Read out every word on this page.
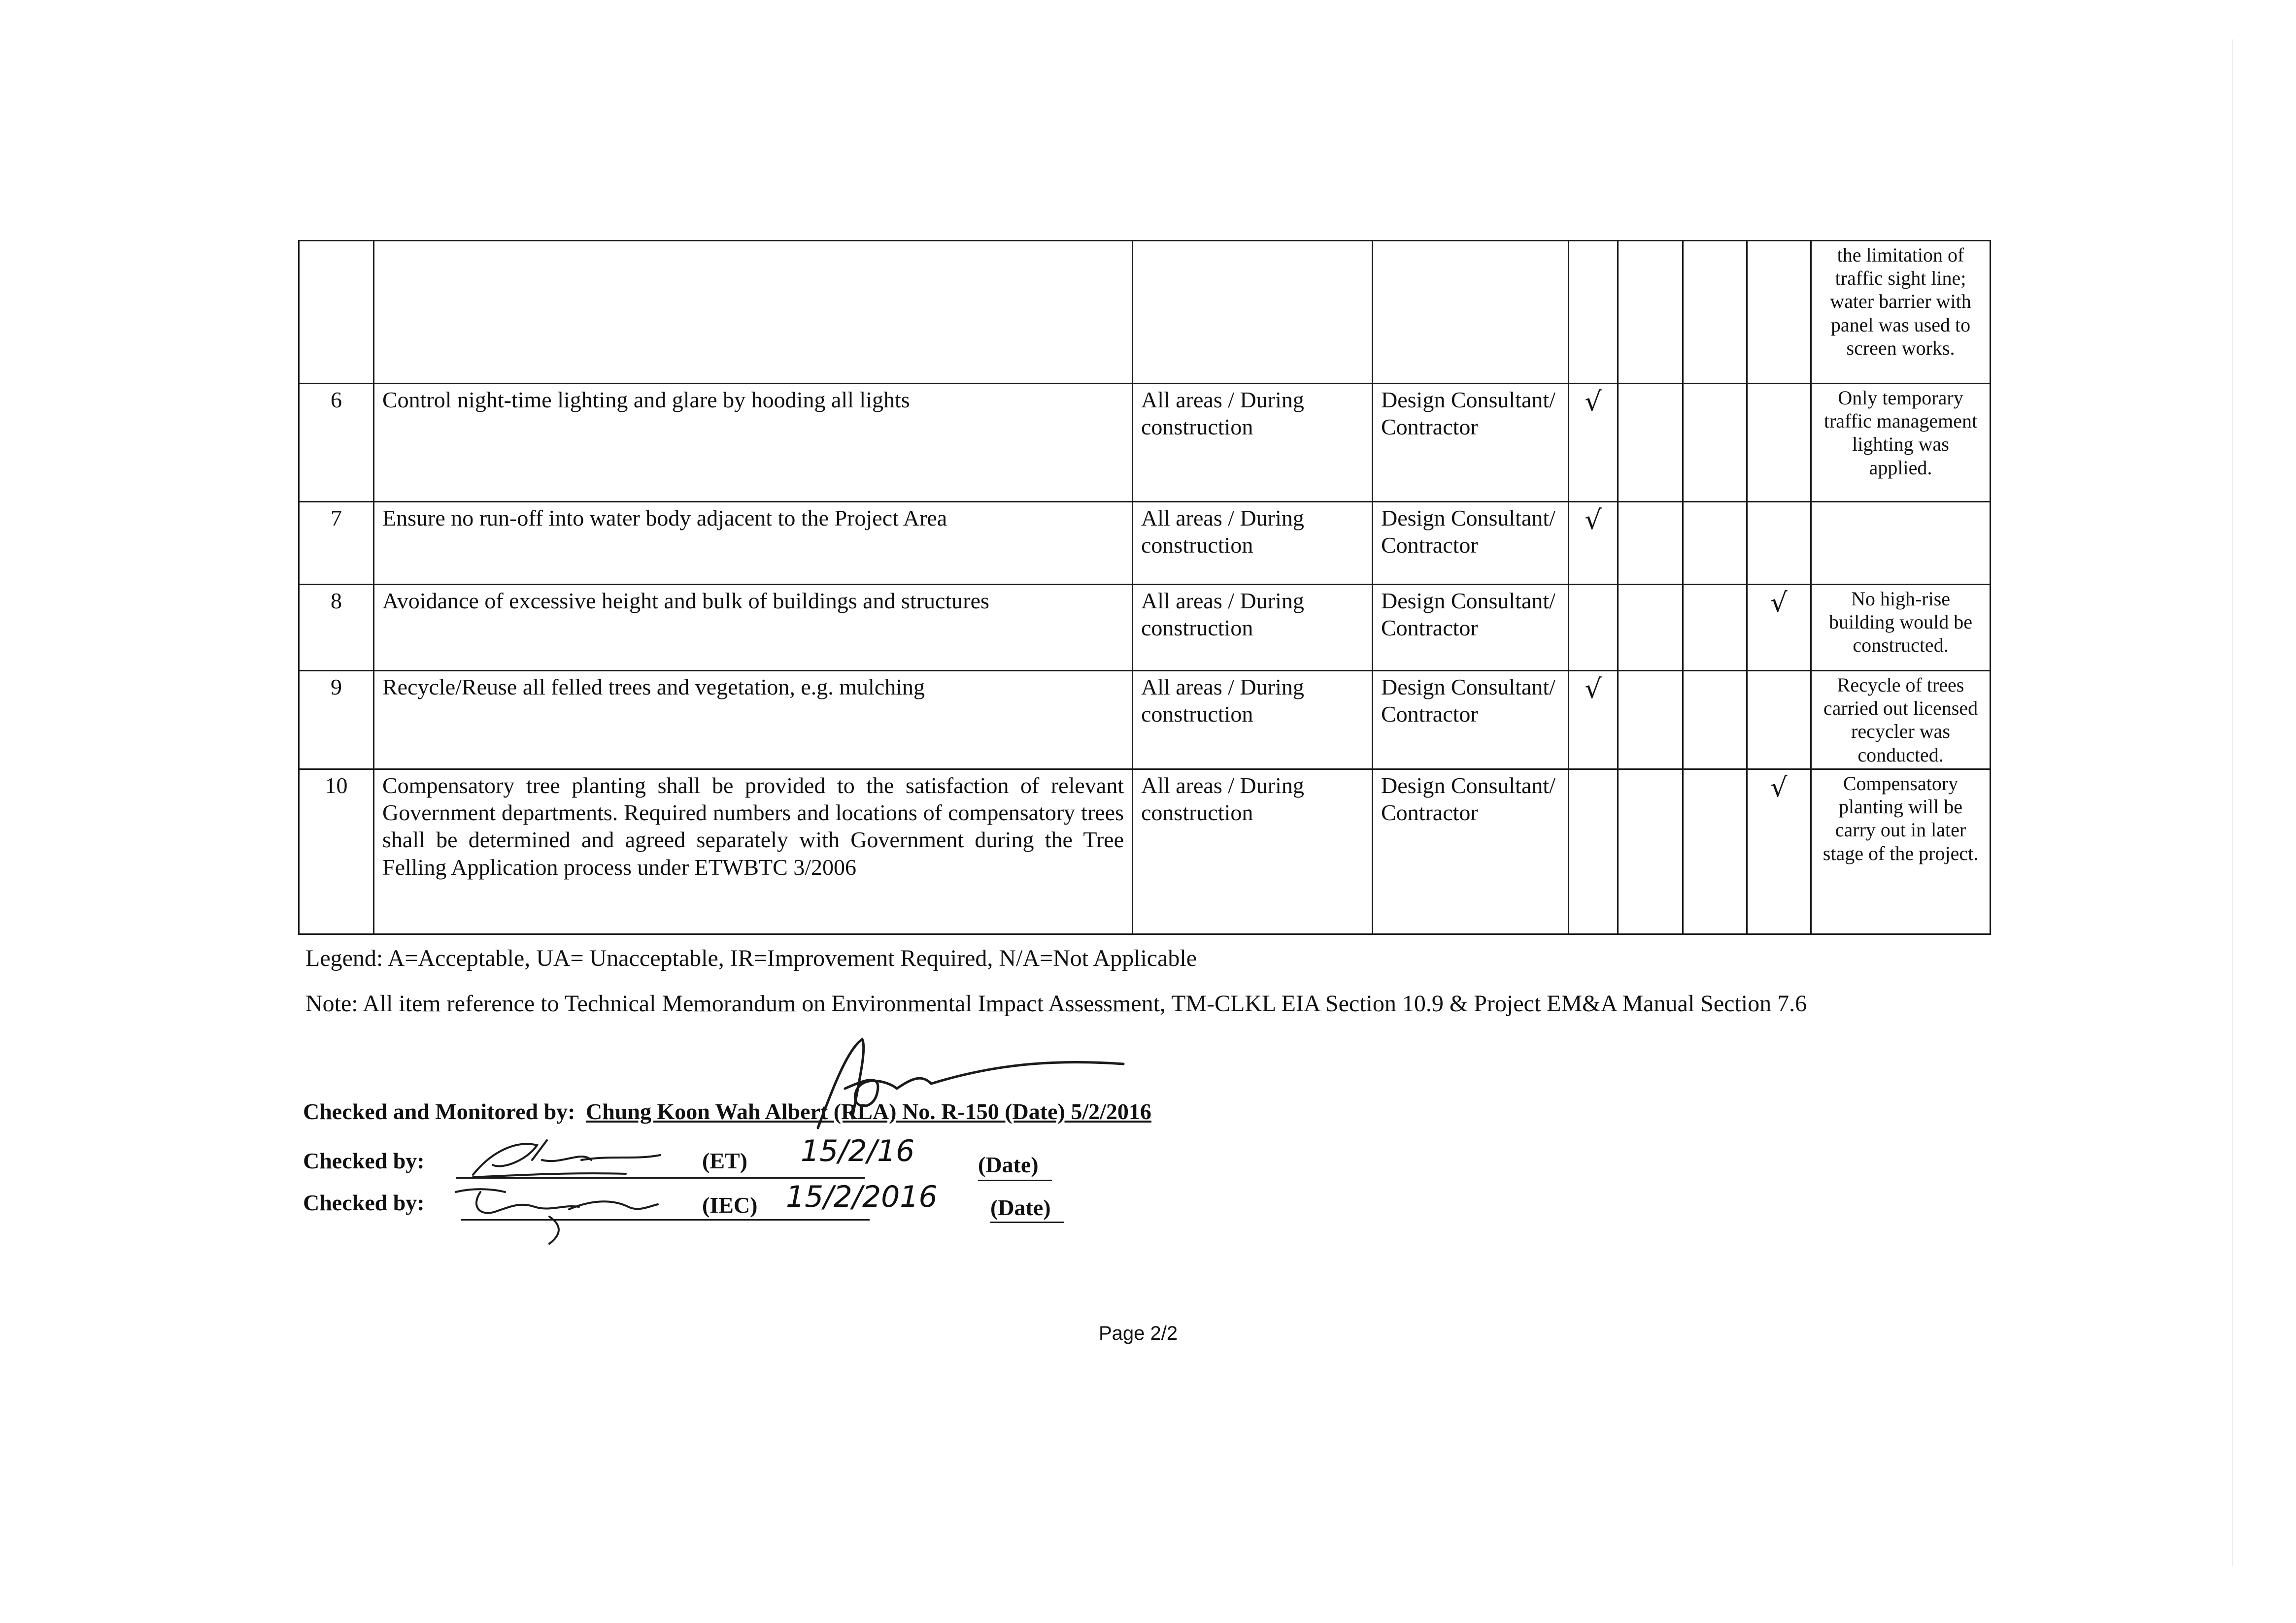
								the limitation of traffic sight line; water barrier with panel was used to screen works.
6	Control night-time lighting and glare by hooding all lights	All areas / During construction	Design Consultant/ Contractor	√				Only temporary traffic management lighting was applied.
7	Ensure no run-off into water body adjacent to the Project Area	All areas / During construction	Design Consultant/ Contractor	√				
8	Avoidance of excessive height and bulk of buildings and structures	All areas / During construction	Design Consultant/ Contractor				√	No high-rise building would be constructed.
9	Recycle/Reuse all felled trees and vegetation, e.g. mulching	All areas / During construction	Design Consultant/ Contractor	√				Recycle of trees carried out licensed recycler was conducted.
10	Compensatory tree planting shall be provided to the satisfaction of relevant Government departments. Required numbers and locations of compensatory trees shall be determined and agreed separately with Government during the Tree Felling Application process under ETWBTC 3/2006	All areas / During construction	Design Consultant/ Contractor				√	Compensatory planting will be carry out in later stage of the project.
Legend: A=Acceptable, UA= Unacceptable, IR=Improvement Required, N/A=Not Applicable
Note: All item reference to Technical Memorandum on Environmental Impact Assessment, TM-CLKL EIA Section 10.9 & Project EM&A Manual Section 7.6
Checked and Monitored by: Chung Koon Wah Albert (RLA) No. R-150 (Date) 5/2/2016
Checked by:	(ET) 15/2/16	(Date)
Checked by:	(IEC) 15/2/2016 (Date)
Page 2/2
